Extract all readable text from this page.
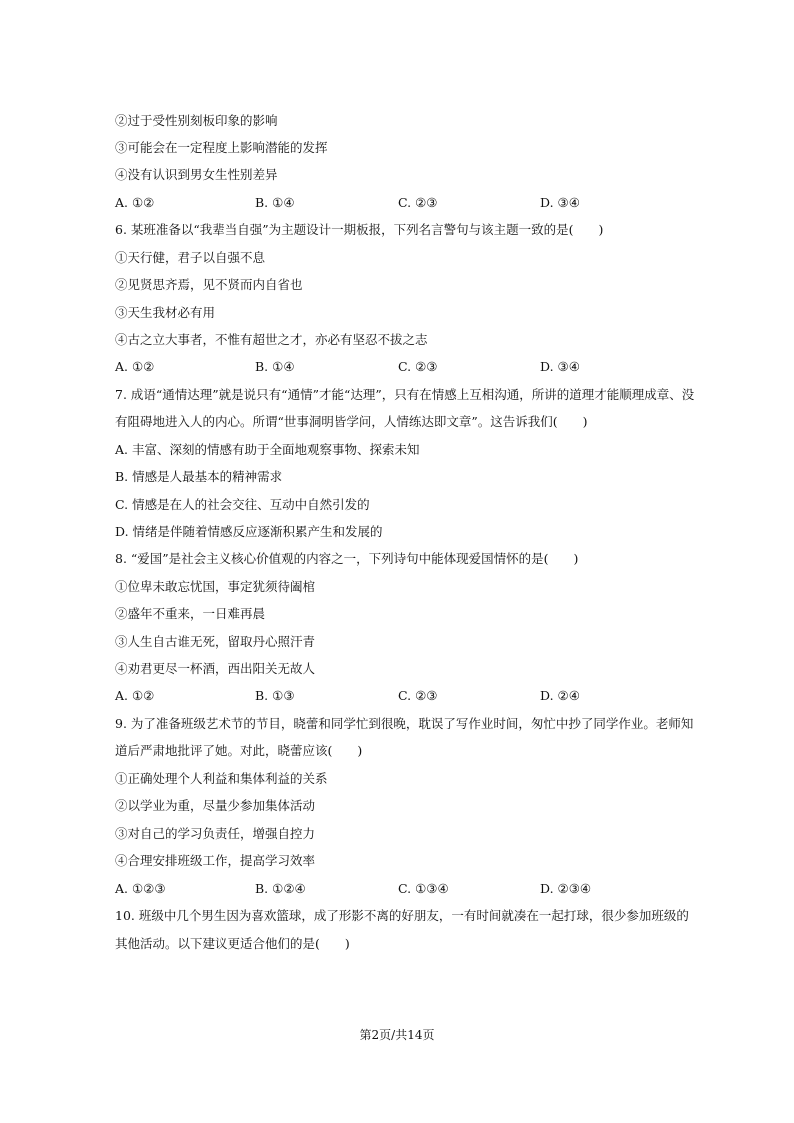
②过于受性别刻板印象的影响
③可能会在一定程度上影响潜能的发挥
④没有认识到男女生性别差异
A. ①②	B. ①④	C. ②③	D. ③④
6. 某班准备以“我辈当自强”为主题设计一期板报，下列名言警句与该主题一致的是(　　)
①天行健，君子以自强不息
②见贤思齐焉，见不贤而内自省也
③天生我材必有用
④古之立大事者，不惟有超世之才，亦必有坚忍不拔之志
A. ①②	B. ①④	C. ②③	D. ③④
7. 成语“通情达理”就是说只有“通情”才能“达理”，只有在情感上互相沟通，所讲的道理才能顺理成章、没
有阻碍地进入人的内心。所谓“世事洞明皆学问，人情练达即文章”。这告诉我们(　　)
A. 丰富、深刻的情感有助于全面地观察事物、探索未知
B. 情感是人最基本的精神需求
C. 情感是在人的社会交往、互动中自然引发的
D. 情绪是伴随着情感反应逐渐积累产生和发展的
8. “爱国”是社会主义核心价值观的内容之一，下列诗句中能体现爱国情怀的是(　　)
①位卑未敢忘忧国，事定犹须待阖棺
②盛年不重来，一日难再晨
③人生自古谁无死，留取丹心照汗青
④劝君更尽一杯酒，西出阳关无故人
A. ①②	B. ①③	C. ②③	D. ②④
9. 为了准备班级艺术节的节目，晓蕾和同学忙到很晚，耽误了写作业时间，匆忙中抄了同学作业。老师知
道后严肃地批评了她。对此，晓蕾应该(　　)
①正确处理个人利益和集体利益的关系
②以学业为重，尽量少参加集体活动
③对自己的学习负责任，增强自控力
④合理安排班级工作，提高学习效率
A. ①②③	B. ①②④	C. ①③④	D. ②③④
10. 班级中几个男生因为喜欢篮球，成了形影不离的好朋友，一有时间就凑在一起打球，很少参加班级的
其他活动。以下建议更适合他们的是(　　)
第2页/共14页
